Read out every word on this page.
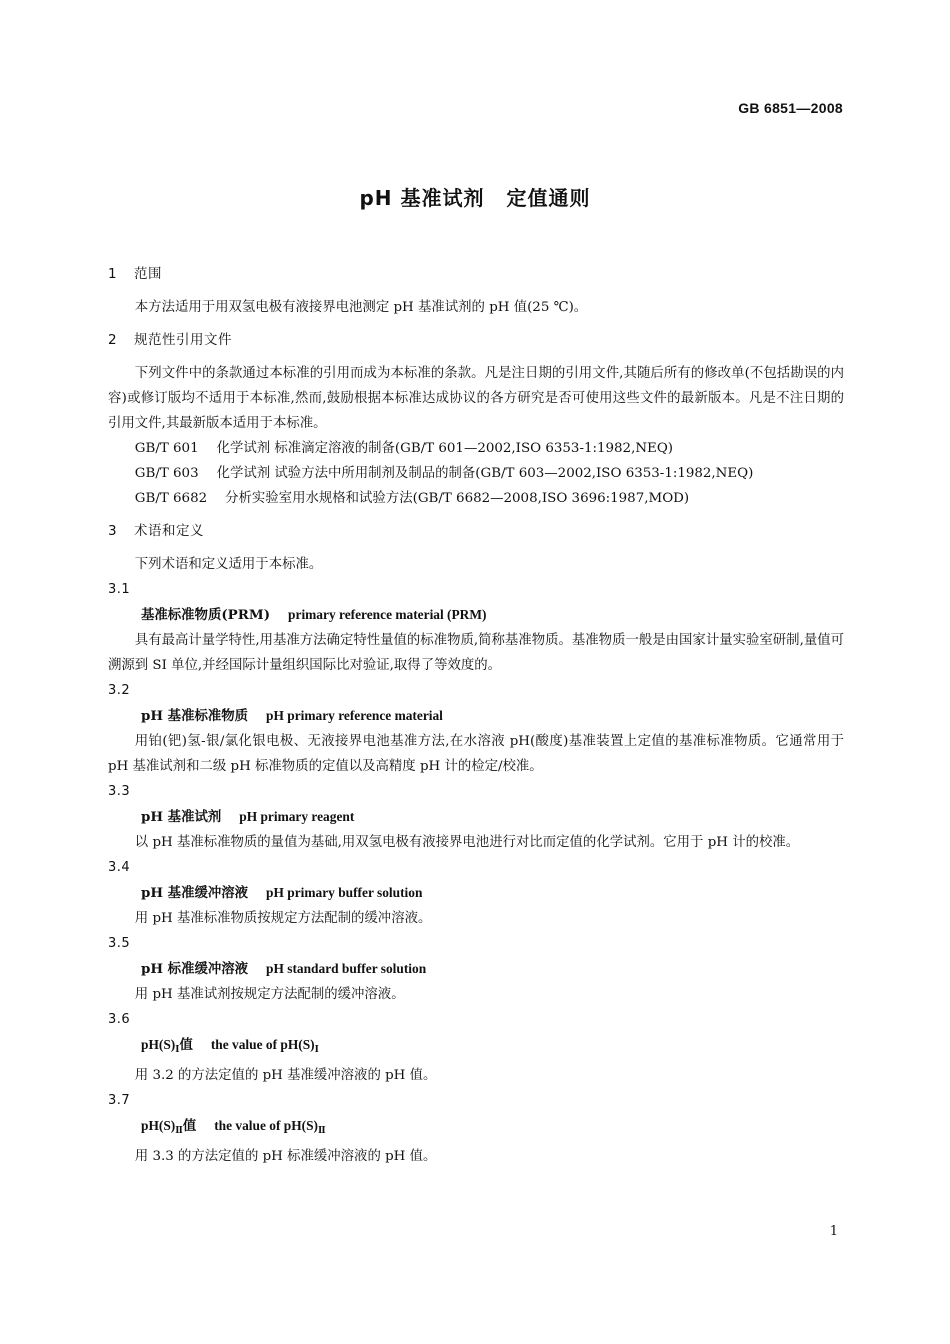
GB 6851—2008
pH 基准试剂 定值通则
1 范围

本方法适用于用双氢电极有液接界电池测定 pH 基准试剂的 pH 值(25 ℃)。

2 规范性引用文件

下列文件中的条款通过本标准的引用而成为本标准的条款。凡是注日期的引用文件,其随后所有的修改单(不包括勘误的内容)或修订版均不适用于本标准,然而,鼓励根据本标准达成协议的各方研究是否可使用这些文件的最新版本。凡是不注日期的引用文件,其最新版本适用于本标准。

GB/T 601 化学试剂 标准滴定溶液的制备(GB/T 601—2002,ISO 6353-1:1982,NEQ)

GB/T 603 化学试剂 试验方法中所用制剂及制品的制备(GB/T 603—2002,ISO 6353-1:1982,NEQ)

GB/T 6682 分析实验室用水规格和试验方法(GB/T 6682—2008,ISO 3696:1987,MOD)

3 术语和定义

下列术语和定义适用于本标准。

3.1

基准标准物质(PRM) primary reference material (PRM)

具有最高计量学特性,用基准方法确定特性量值的标准物质,简称基准物质。基准物质一般是由国家计量实验室研制,量值可溯源到 SI 单位,并经国际计量组织国际比对验证,取得了等效度的。

3.2

pH 基准标准物质 pH primary reference material

用铂(钯)氢-银/氯化银电极、无液接界电池基准方法,在水溶液 pH(酸度)基准装置上定值的基准标准物质。它通常用于 pH 基准试剂和二级 pH 标准物质的定值以及高精度 pH 计的检定/校准。

3.3

pH 基准试剂 pH primary reagent

以 pH 基准标准物质的量值为基础,用双氢电极有液接界电池进行对比而定值的化学试剂。它用于 pH 计的校准。

3.4

pH 基准缓冲溶液 pH primary buffer solution

用 pH 基准标准物质按规定方法配制的缓冲溶液。

3.5

pH 标准缓冲溶液 pH standard buffer solution

用 pH 基准试剂按规定方法配制的缓冲溶液。

3.6

$pH(S)_Ⅰ$值 the value of $pH(S)_Ⅰ$

用 3.2 的方法定值的 pH 基准缓冲溶液的 pH 值。

3.7

$pH(S)_Ⅱ$值 the value of $pH(S)_Ⅱ$

用 3.3 的方法定值的 pH 标准缓冲溶液的 pH 值。

1
